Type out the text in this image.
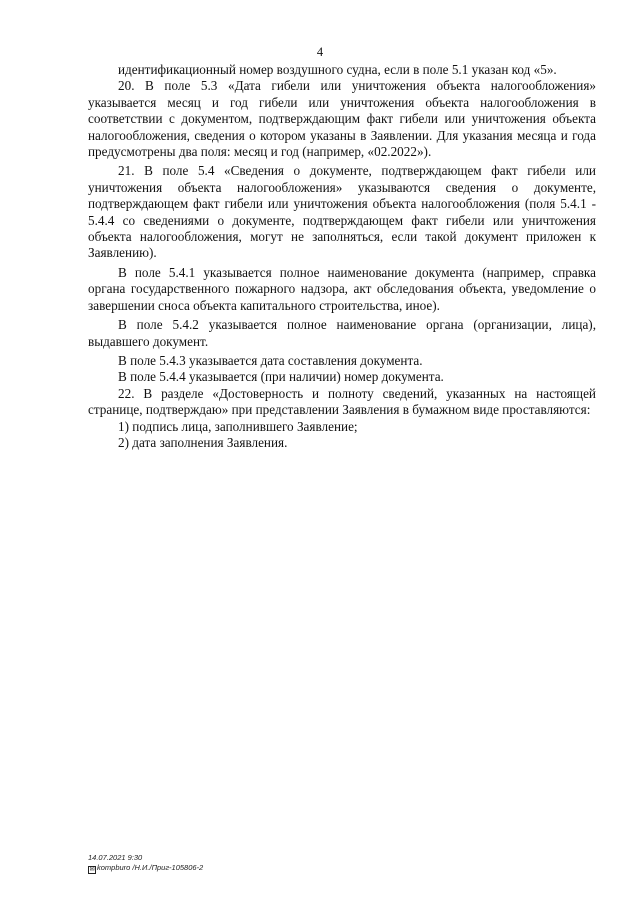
4

идентификационный номер воздушного судна, если в поле 5.1 указан код «5».

20. В поле 5.3 «Дата гибели или уничтожения объекта налогообложения» указывается месяц и год гибели или уничтожения объекта налогообложения в соответствии с документом, подтверждающим факт гибели или уничтожения объекта налогообложения, сведения о котором указаны в Заявлении. Для указания месяца и года предусмотрены два поля: месяц и год (например, «02.2022»).

21. В поле 5.4 «Сведения о документе, подтверждающем факт гибели или уничтожения объекта налогообложения» указываются сведения о документе, подтверждающем факт гибели или уничтожения объекта налогообложения (поля 5.4.1 - 5.4.4 со сведениями о документе, подтверждающем факт гибели или уничтожения объекта налогообложения, могут не заполняться, если такой документ приложен к Заявлению).

В поле 5.4.1 указывается полное наименование документа (например, справка органа государственного пожарного надзора, акт обследования объекта, уведомление о завершении сноса объекта капитального строительства, иное).

В поле 5.4.2 указывается полное наименование органа (организации, лица), выдавшего документ.

В поле 5.4.3 указывается дата составления документа.

В поле 5.4.4 указывается (при наличии) номер документа.

22. В разделе «Достоверность и полноту сведений, указанных на настоящей странице, подтверждаю» при представлении Заявления в бумажном виде проставляются:

1) подпись лица, заполнившего Заявление;

2) дата заполнения Заявления.

14.07.2021 9:30
✉ kompburo /Н.И./Приг-105806-2
